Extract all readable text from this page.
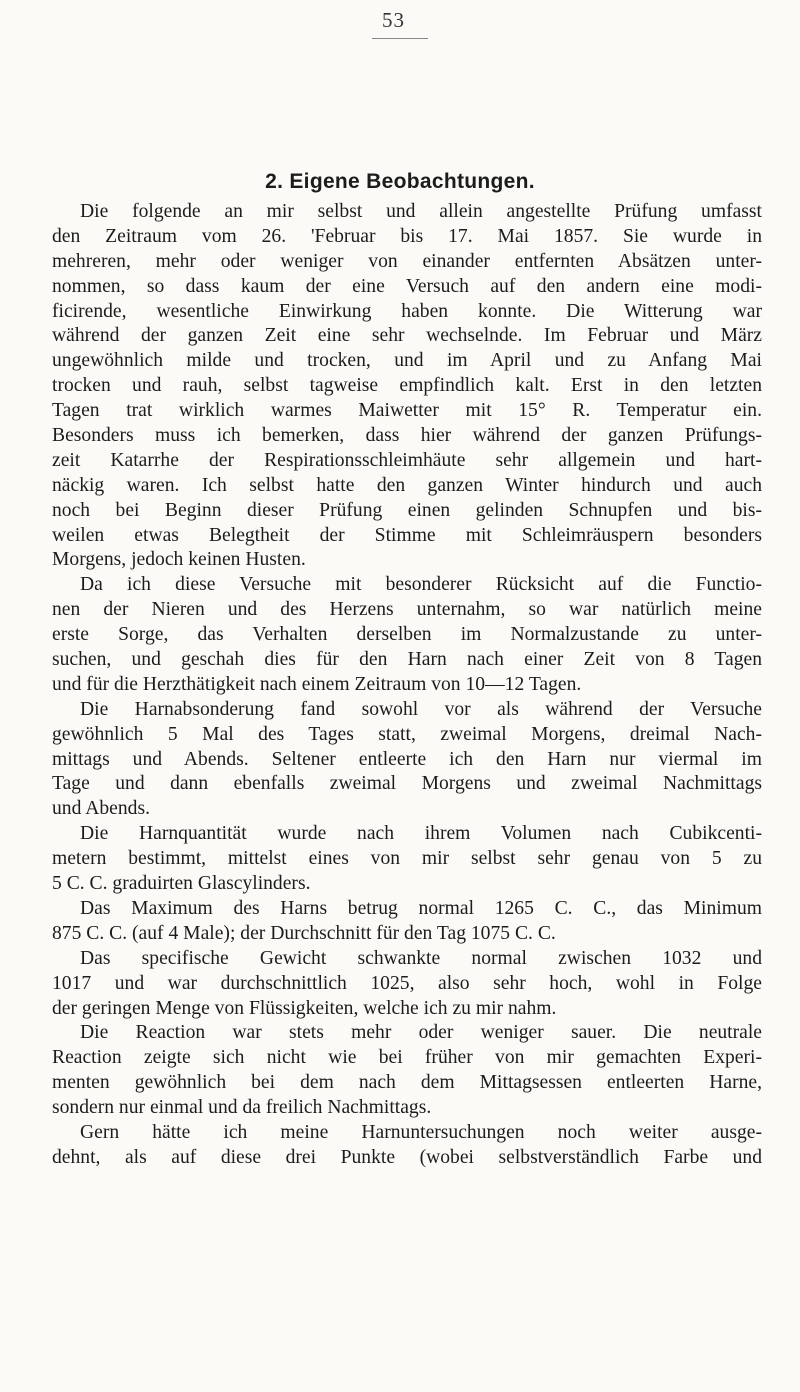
53
2. Eigene Beobachtungen.
Die folgende an mir selbst und allein angestellte Prüfung umfasst
den Zeitraum vom 26. 'Februar bis 17. Mai 1857. Sie wurde in
mehreren, mehr oder weniger von einander entfernten Absätzen unter-
nommen, so dass kaum der eine Versuch auf den andern eine modi-
ficirende, wesentliche Einwirkung haben konnte. Die Witterung war
während der ganzen Zeit eine sehr wechselnde. Im Februar und März
ungewöhnlich milde und trocken, und im April und zu Anfang Mai
trocken und rauh, selbst tagweise empfindlich kalt. Erst in den letzten
Tagen trat wirklich warmes Maiwetter mit 15° R. Temperatur ein.
Besonders muss ich bemerken, dass hier während der ganzen Prüfungs-
zeit Katarrhe der Respirationsschleimhäute sehr allgemein und hart-
näckig waren. Ich selbst hatte den ganzen Winter hindurch und auch
noch bei Beginn dieser Prüfung einen gelinden Schnupfen und bis-
weilen etwas Belegtheit der Stimme mit Schleimräuspern besonders
Morgens, jedoch keinen Husten.
Da ich diese Versuche mit besonderer Rücksicht auf die Functio-
nen der Nieren und des Herzens unternahm, so war natürlich meine
erste Sorge, das Verhalten derselben im Normalzustande zu unter-
suchen, und geschah dies für den Harn nach einer Zeit von 8 Tagen
und für die Herzthätigkeit nach einem Zeitraum von 10—12 Tagen.
Die Harnabsonderung fand sowohl vor als während der Versuche
gewöhnlich 5 Mal des Tages statt, zweimal Morgens, dreimal Nach-
mittags und Abends. Seltener entleerte ich den Harn nur viermal im
Tage und dann ebenfalls zweimal Morgens und zweimal Nachmittags
und Abends.
Die Harnquantität wurde nach ihrem Volumen nach Cubikcenti-
metern bestimmt, mittelst eines von mir selbst sehr genau von 5 zu
5 C. C. graduirten Glascylinders.
Das Maximum des Harns betrug normal 1265 C. C., das Minimum
875 C. C. (auf 4 Male); der Durchschnitt für den Tag 1075 C. C.
Das specifische Gewicht schwankte normal zwischen 1032 und
1017 und war durchschnittlich 1025, also sehr hoch, wohl in Folge
der geringen Menge von Flüssigkeiten, welche ich zu mir nahm.
Die Reaction war stets mehr oder weniger sauer. Die neutrale
Reaction zeigte sich nicht wie bei früher von mir gemachten Experi-
menten gewöhnlich bei dem nach dem Mittagsessen entleerten Harne,
sondern nur einmal und da freilich Nachmittags.
Gern hätte ich meine Harnuntersuchungen noch weiter ausge-
dehnt, als auf diese drei Punkte (wobei selbstverständlich Farbe und
